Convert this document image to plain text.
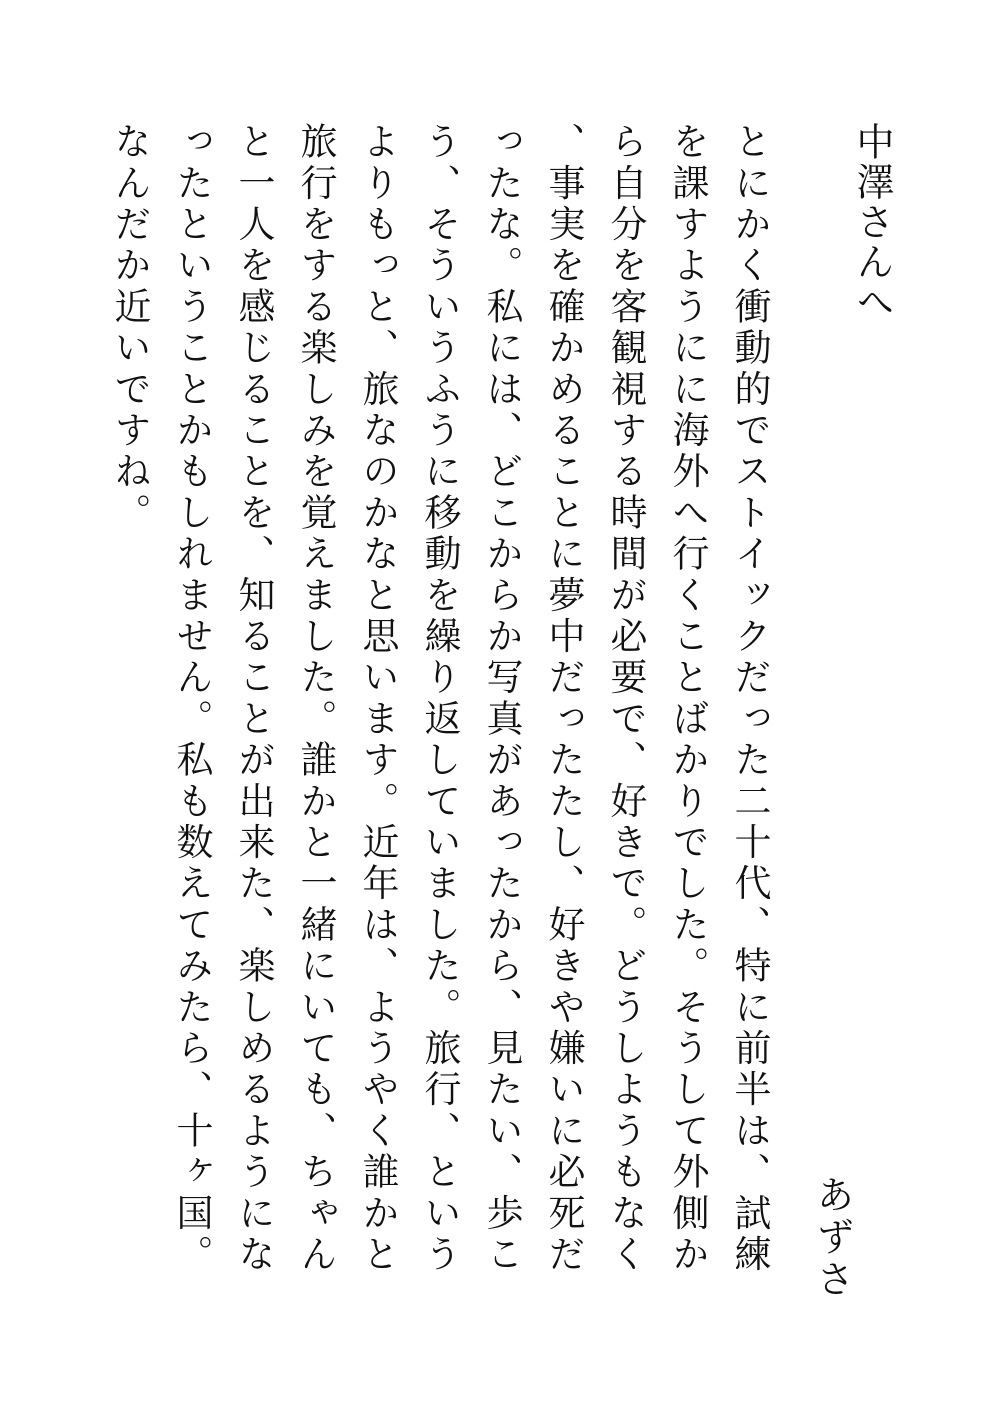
中澤さんへ

とにかく衝動的でストイックだった二十代、特に前半は、試練を課すようにに海外へ行くことばかりでした。そうして外側から自分を客観視する時間が必要で、好きで。どうしようもなく、事実を確かめることに夢中だったたし、好きや嫌いに必死だったな。私には、どこからか写真があったから、見たい、歩こう、そういうふうに移動を繰り返していました。旅行、というよりもっと、旅なのかなと思います。近年は、ようやく誰かと旅行をする楽しみを覚えました。誰かと一緒にいても、ちゃんと一人を感じることを、知ることが出来た、楽しめるようになったということかもしれません。私も数えてみたら、十ヶ国。なんだか近いですね。

あずさ
